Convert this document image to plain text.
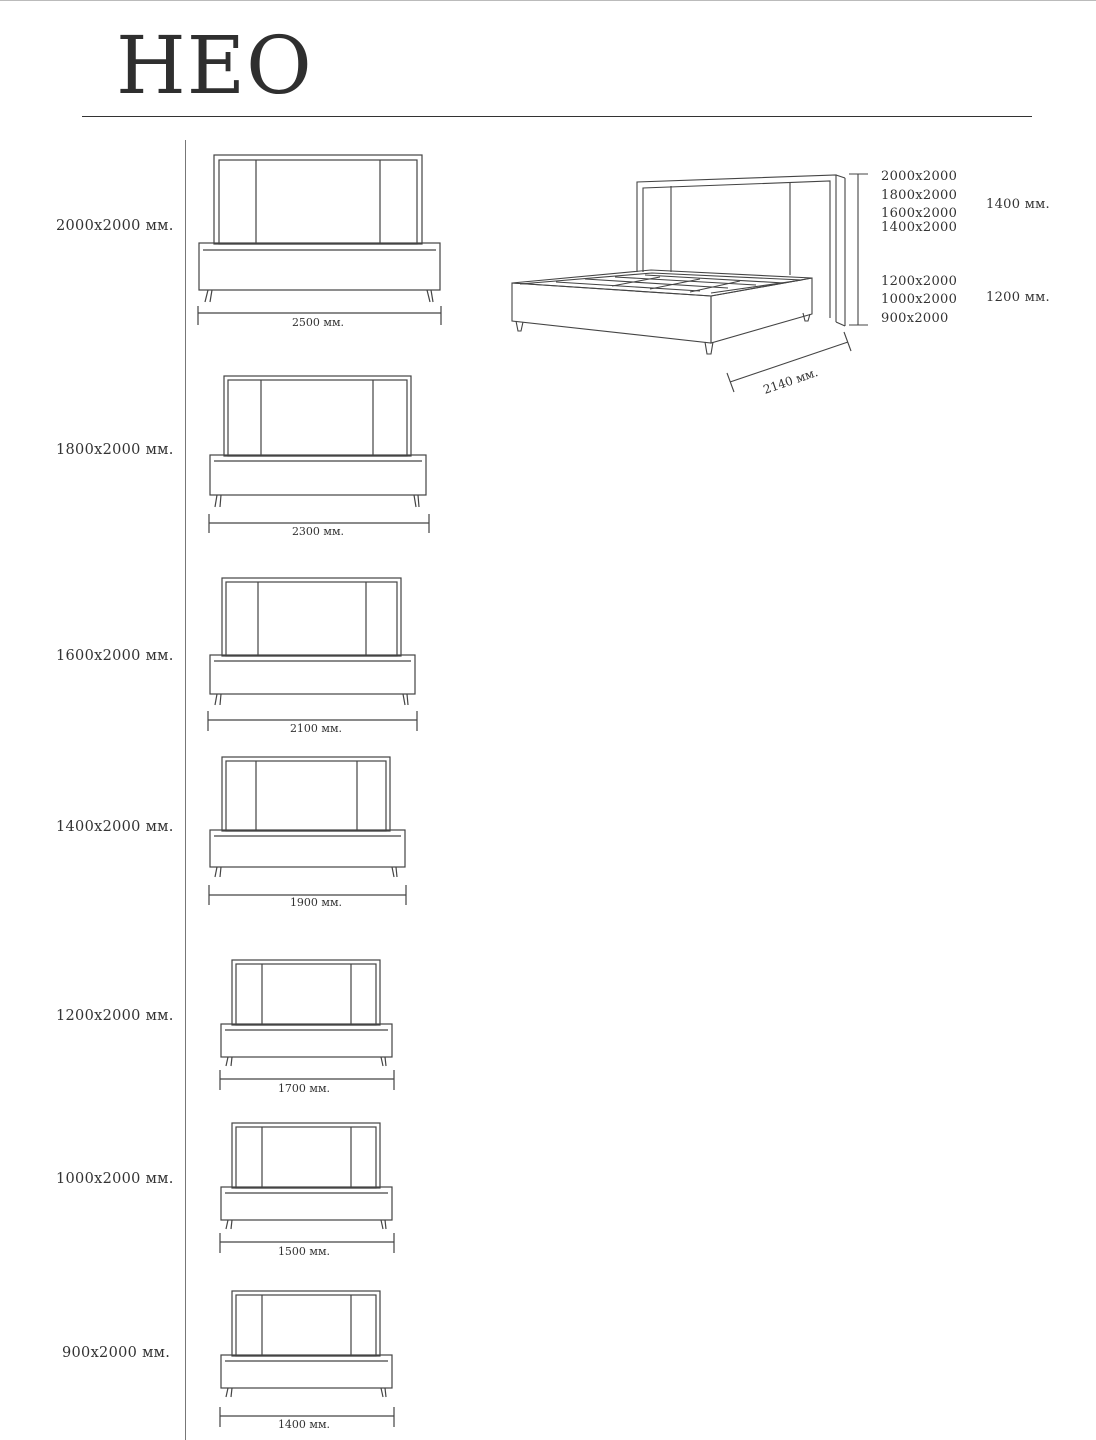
НЕО
2000х2000 мм.
1800х2000 мм.
1600х2000 мм.
1400х2000 мм.
1200х2000 мм.
1000х2000 мм.
900х2000 мм.
2500 мм.
2300 мм.
2100 мм.
1900 мм.
1700 мм.
1500 мм.
1400 мм.
2140 мм.
2000х2000
1800х2000
1600х2000
1400х2000
1400 мм.
1200х2000
1000х2000
900х2000
1200 мм.
